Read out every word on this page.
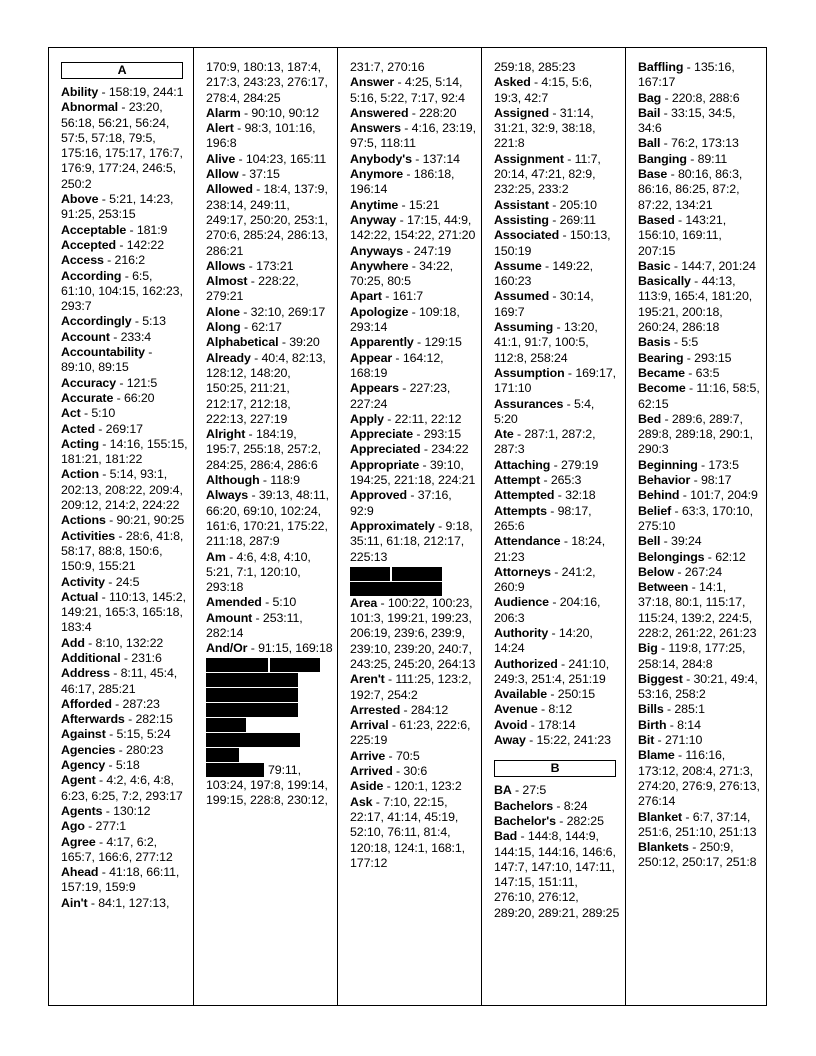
A
Ability - 158:19, 244:1
Abnormal - 23:20, 56:18, 56:21, 56:24, 57:5, 57:18, 79:5, 175:16, 175:17, 176:7, 176:9, 177:24, 246:5, 250:2
Above - 5:21, 14:23, 91:25, 253:15
Acceptable - 181:9
Accepted - 142:22
Access - 216:2
According - 6:5, 61:10, 104:15, 162:23, 293:7
Accordingly - 5:13
Account - 233:4
Accountability - 89:10, 89:15
Accuracy - 121:5
Accurate - 66:20
Act - 5:10
Acted - 269:17
Acting - 14:16, 155:15, 181:21, 181:22
Action - 5:14, 93:1, 202:13, 208:22, 209:4, 209:12, 214:2, 224:22
Actions - 90:21, 90:25
Activities - 28:6, 41:8, 58:17, 88:8, 150:6, 150:9, 155:21
Activity - 24:5
Actual - 110:13, 145:2, 149:21, 165:3, 165:18, 183:4
Add - 8:10, 132:22
Additional - 231:6
Address - 8:11, 45:4, 46:17, 285:21
Afforded - 287:23
Afterwards - 282:15
Against - 5:15, 5:24
Agencies - 280:23
Agency - 5:18
Agent - 4:2, 4:6, 4:8, 6:23, 6:25, 7:2, 293:17
Agents - 130:12
Ago - 277:1
Agree - 4:17, 6:2, 165:7, 166:6, 277:12
Ahead - 41:18, 66:11, 157:19, 159:9
Ain't - 84:1, 127:13,
170:9, 180:13, 187:4, 217:3, 243:23, 276:17, 278:4, 284:25
Alarm - 90:10, 90:12
Alert - 98:3, 101:16, 196:8
Alive - 104:23, 165:11
Allow - 37:15
Allowed - 18:4, 137:9, 238:14, 249:11, 249:17, 250:20, 253:1, 270:6, 285:24, 286:13, 286:21
Allows - 173:21
Almost - 228:22, 279:21
Alone - 32:10, 269:17
Along - 62:17
Alphabetical - 39:20
Already - 40:4, 82:13, 128:12, 148:20, 150:25, 211:21, 212:17, 212:18, 222:13, 227:19
Alright - 184:19, 195:7, 255:18, 257:2, 284:25, 286:4, 286:6
Although - 118:9
Always - 39:13, 48:11, 66:20, 69:10, 102:24, 161:6, 170:21, 175:22, 211:18, 287:9
Am - 4:6, 4:8, 4:10, 5:21, 7:1, 120:10, 293:18
Amended - 5:10
Amount - 253:11, 282:14
And/Or - 91:15, 169:18
79:11, 103:24, 197:8, 199:14, 199:15, 228:8, 230:12,
231:7, 270:16
Answer - 4:25, 5:14, 5:16, 5:22, 7:17, 92:4
Answered - 228:20
Answers - 4:16, 23:19, 97:5, 118:11
Anybody's - 137:14
Anymore - 186:18, 196:14
Anytime - 15:21
Anyway - 17:15, 44:9, 142:22, 154:22, 271:20
Anyways - 247:19
Anywhere - 34:22, 70:25, 80:5
Apart - 161:7
Apologize - 109:18, 293:14
Apparently - 129:15
Appear - 164:12, 168:19
Appears - 227:23, 227:24
Apply - 22:11, 22:12
Appreciate - 293:15
Appreciated - 234:22
Appropriate - 39:10, 194:25, 221:18, 224:21
Approved - 37:16, 92:9
Approximately - 9:18, 35:11, 61:18, 212:17, 225:13
Area - 100:22, 100:23, 101:3, 199:21, 199:23, 206:19, 239:6, 239:9, 239:10, 239:20, 240:7, 243:25, 245:20, 264:13
Aren't - 111:25, 123:2, 192:7, 254:2
Arrested - 284:12
Arrival - 61:23, 222:6, 225:19
Arrive - 70:5
Arrived - 30:6
Aside - 120:1, 123:2
Ask - 7:10, 22:15, 22:17, 41:14, 45:19, 52:10, 76:11, 81:4, 120:18, 124:1, 168:1, 177:12
259:18, 285:23
Asked - 4:15, 5:6, 19:3, 42:7
Assigned - 31:14, 31:21, 32:9, 38:18, 221:8
Assignment - 11:7, 20:14, 47:21, 82:9, 232:25, 233:2
Assistant - 205:10
Assisting - 269:11
Associated - 150:13, 150:19
Assume - 149:22, 160:23
Assumed - 30:14, 169:7
Assuming - 13:20, 41:1, 91:7, 100:5, 112:8, 258:24
Assumption - 169:17, 171:10
Assurances - 5:4, 5:20
Ate - 287:1, 287:2, 287:3
Attaching - 279:19
Attempt - 265:3
Attempted - 32:18
Attempts - 98:17, 265:6
Attendance - 18:24, 21:23
Attorneys - 241:2, 260:9
Audience - 204:16, 206:3
Authority - 14:20, 14:24
Authorized - 241:10, 249:3, 251:4, 251:19
Available - 250:15
Avenue - 8:12
Avoid - 178:14
Away - 15:22, 241:23
B
BA - 27:5
Bachelors - 8:24
Bachelor's - 282:25
Bad - 144:8, 144:9, 144:15, 144:16, 146:6, 147:7, 147:10, 147:11, 147:15, 151:11, 276:10, 276:12, 289:20, 289:21, 289:25
Baffling - 135:16, 167:17
Bag - 220:8, 288:6
Bail - 33:15, 34:5, 34:6
Ball - 76:2, 173:13
Banging - 89:11
Base - 80:16, 86:3, 86:16, 86:25, 87:2, 87:22, 134:21
Based - 143:21, 156:10, 169:11, 207:15
Basic - 144:7, 201:24
Basically - 44:13, 113:9, 165:4, 181:20, 195:21, 200:18, 260:24, 286:18
Basis - 5:5
Bearing - 293:15
Became - 63:5
Become - 11:16, 58:5, 62:15
Bed - 289:6, 289:7, 289:8, 289:18, 290:1, 290:3
Beginning - 173:5
Behavior - 98:17
Behind - 101:7, 204:9
Belief - 63:3, 170:10, 275:10
Bell - 39:24
Belongings - 62:12
Below - 267:24
Between - 14:1, 37:18, 80:1, 115:17, 115:24, 139:2, 224:5, 228:2, 261:22, 261:23
Big - 119:8, 177:25, 258:14, 284:8
Biggest - 30:21, 49:4, 53:16, 258:2
Bills - 285:1
Birth - 8:14
Bit - 271:10
Blame - 116:16, 173:12, 208:4, 271:3, 274:20, 276:9, 276:13, 276:14
Blanket - 6:7, 37:14, 251:6, 251:10, 251:13
Blankets - 250:9, 250:12, 250:17, 251:8
